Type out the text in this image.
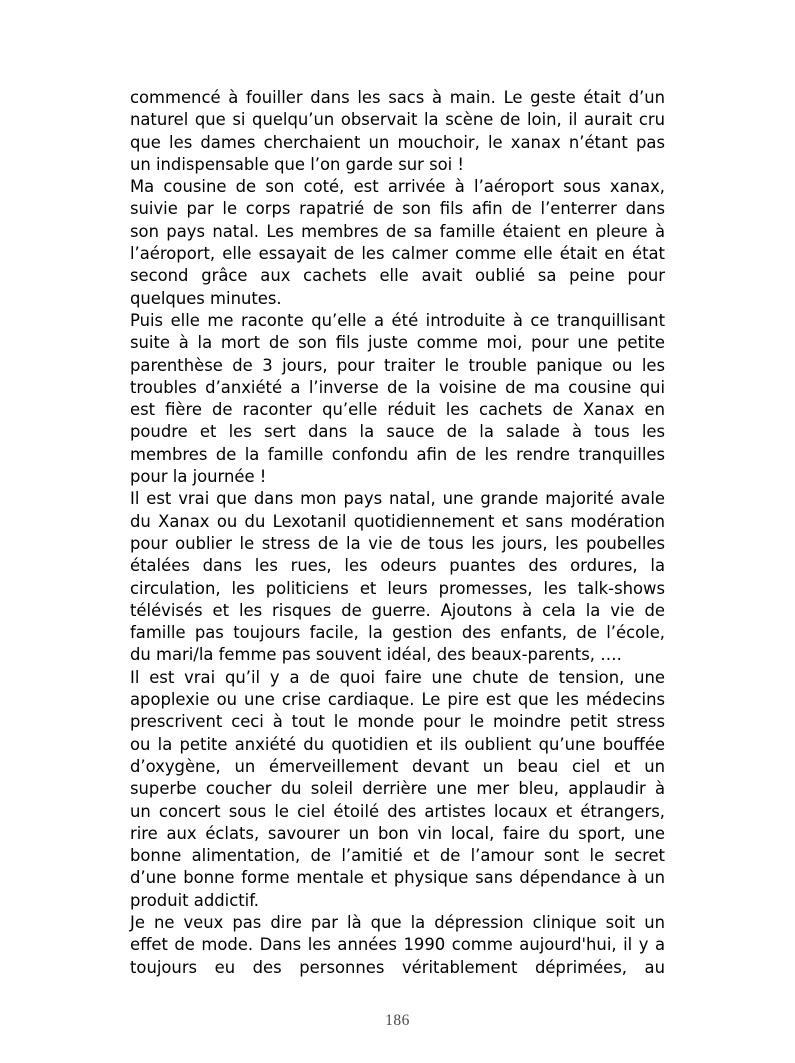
commencé à fouiller dans les sacs à main. Le geste était d’un
naturel que si quelqu’un observait la scène de loin, il aurait cru
que les dames cherchaient un mouchoir, le xanax n’étant pas
un indispensable que l’on garde sur soi !
Ma cousine de son coté, est arrivée à l’aéroport sous xanax,
suivie par le corps rapatrié de son fils afin de l’enterrer dans
son pays natal. Les membres de sa famille étaient en pleure à
l’aéroport, elle essayait de les calmer comme elle était en état
second grâce aux cachets elle avait oublié sa peine pour
quelques minutes.
Puis elle me raconte qu’elle a été introduite à ce tranquillisant
suite à la mort de son fils juste comme moi, pour une petite
parenthèse de 3 jours, pour traiter le trouble panique ou les
troubles d’anxiété a l’inverse de la voisine de ma cousine qui
est fière de raconter qu’elle réduit les cachets de Xanax en
poudre et les sert dans la sauce de la salade à tous les
membres de la famille confondu afin de les rendre tranquilles
pour la journée !
Il est vrai que dans mon pays natal, une grande majorité avale
du Xanax ou du Lexotanil quotidiennement et sans modération
pour oublier le stress de la vie de tous les jours, les poubelles
étalées dans les rues, les odeurs puantes des ordures, la
circulation, les politiciens et leurs promesses, les talk-shows
télévisés et les risques de guerre. Ajoutons à cela la vie de
famille pas toujours facile, la gestion des enfants, de l’école,
du mari/la femme pas souvent idéal, des beaux-parents, ….
Il est vrai qu’il y a de quoi faire une chute de tension, une
apoplexie ou une crise cardiaque. Le pire est que les médecins
prescrivent ceci à tout le monde pour le moindre petit stress
ou la petite anxiété du quotidien et ils oublient qu’une bouffée
d’oxygène, un émerveillement devant un beau ciel et un
superbe coucher du soleil derrière une mer bleu, applaudir à
un concert sous le ciel étoilé des artistes locaux et étrangers,
rire aux éclats, savourer un bon vin local, faire du sport, une
bonne alimentation, de l’amitié et de l’amour sont le secret
d’une bonne forme mentale et physique sans dépendance à un
produit addictif.
Je ne veux pas dire par là que la dépression clinique soit un
effet de mode. Dans les années 1990 comme aujourd'hui, il y a
toujours eu des personnes véritablement déprimées, au
186
